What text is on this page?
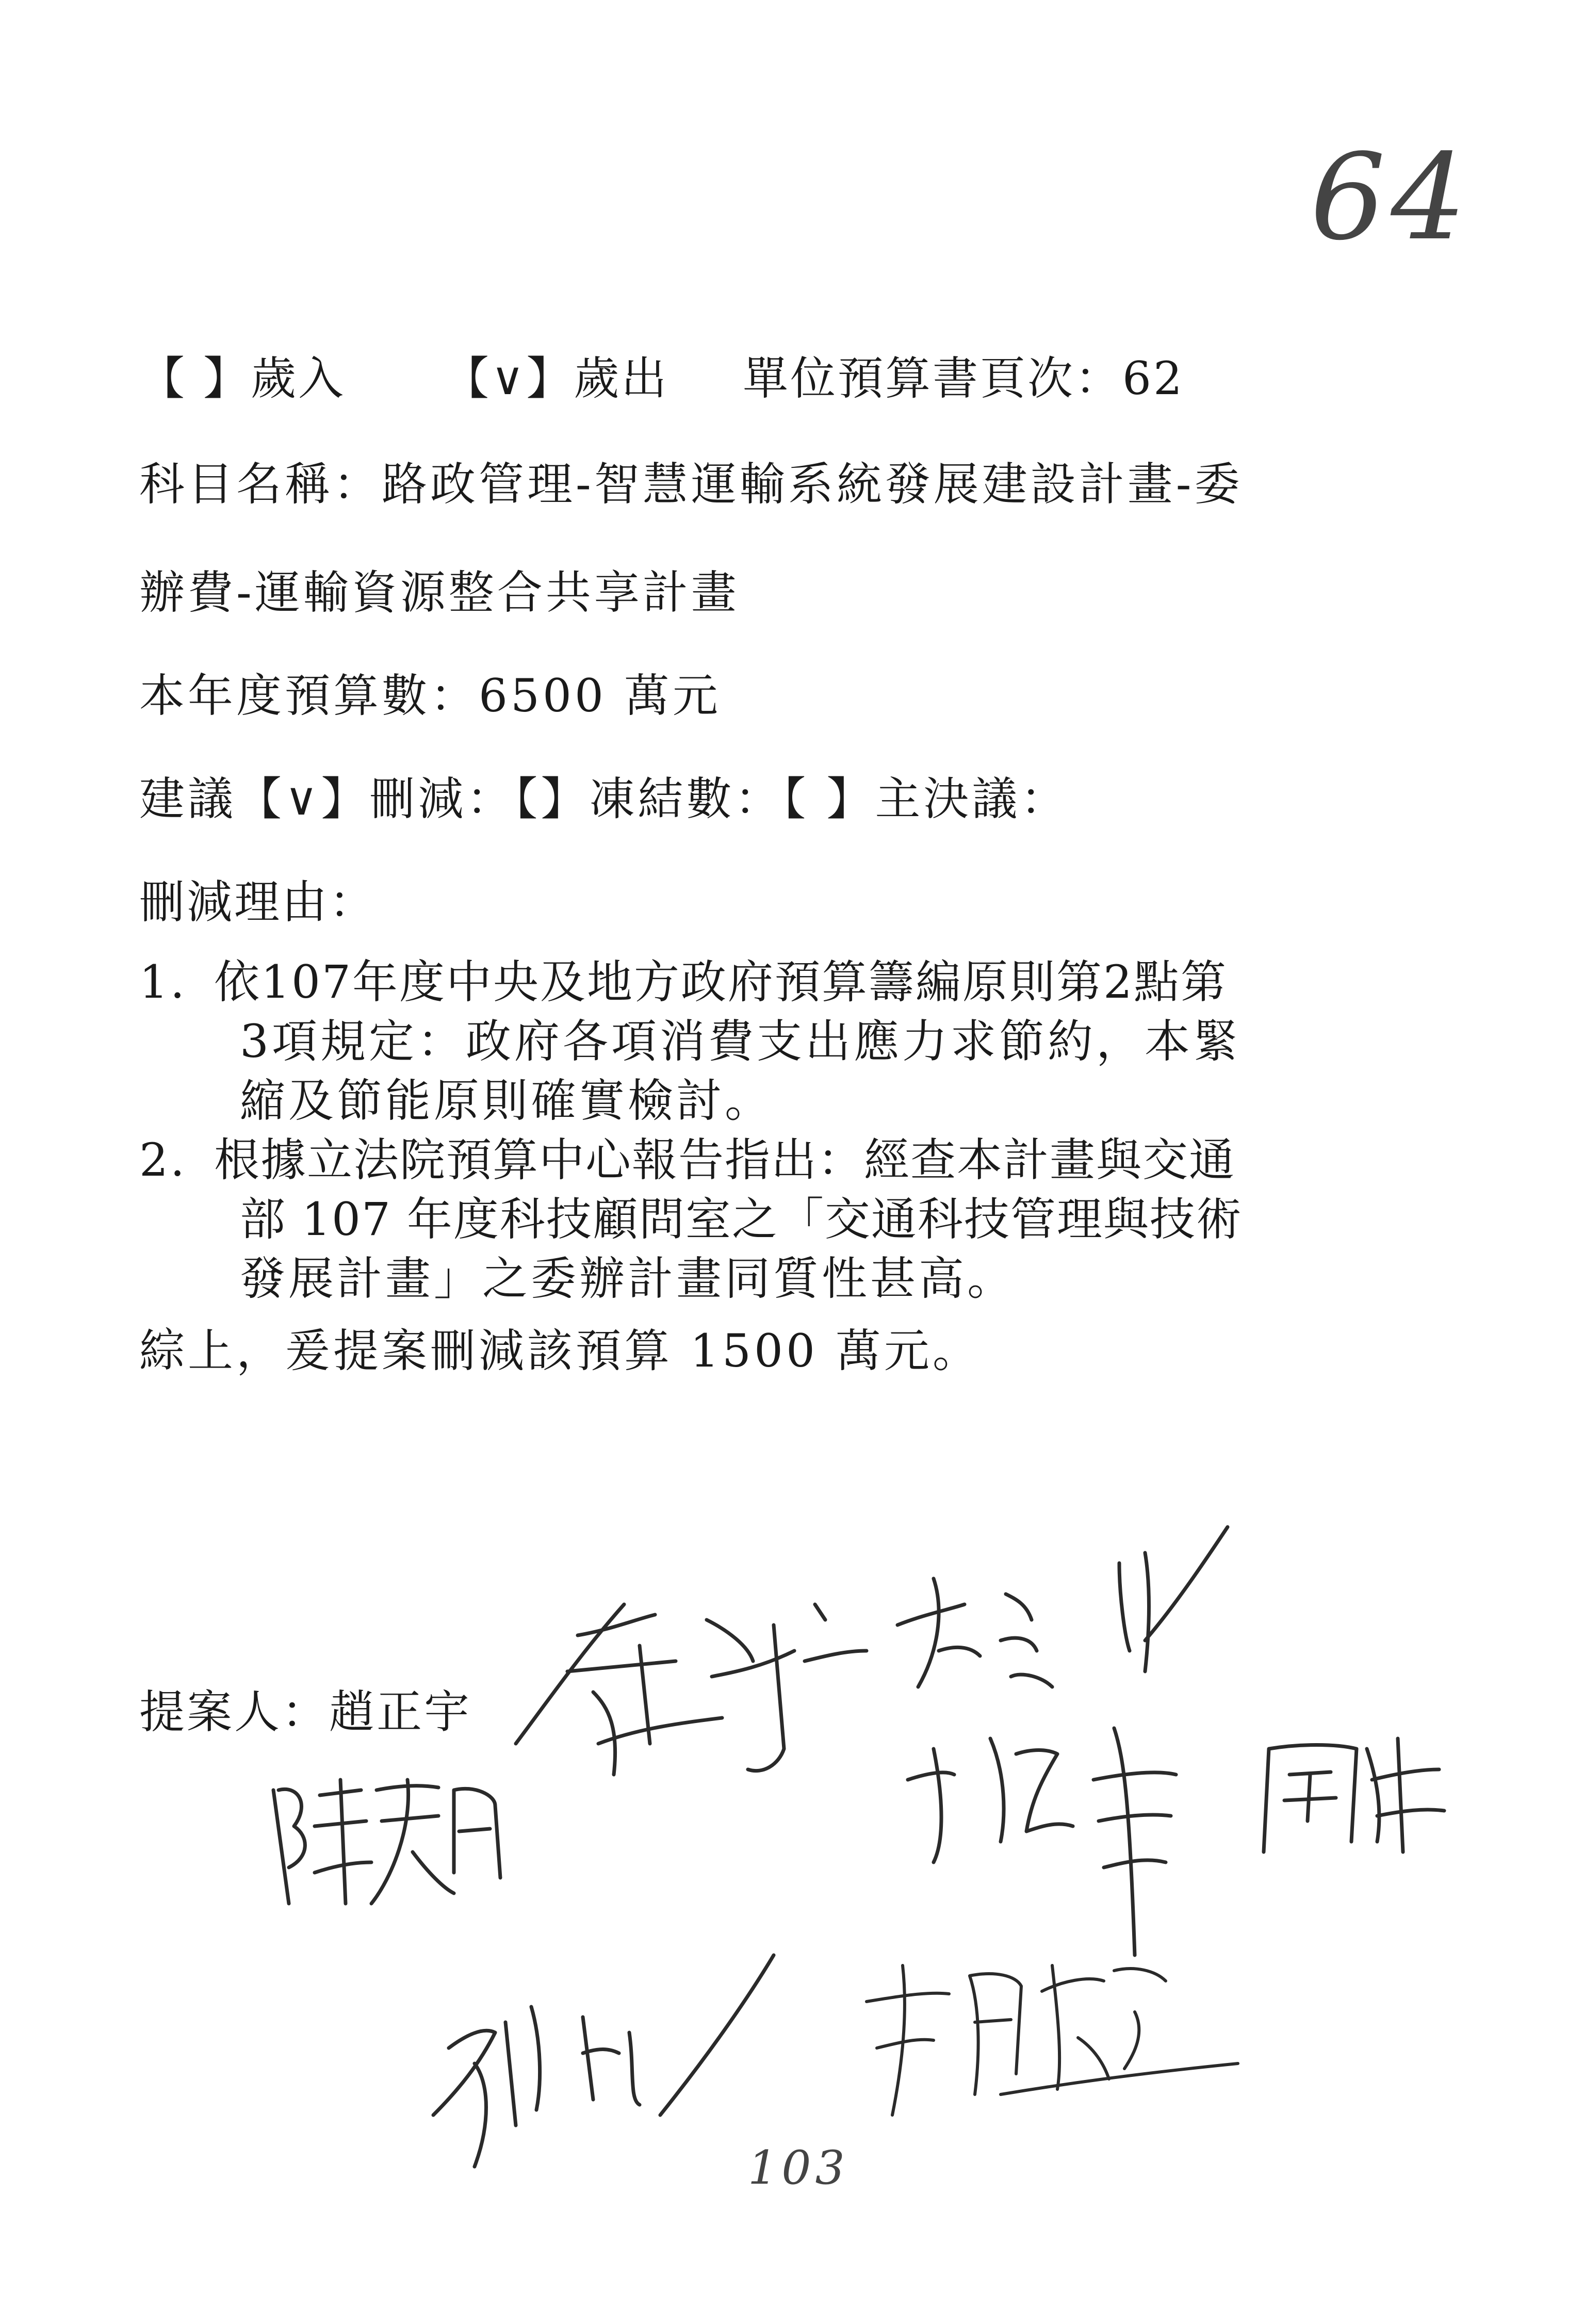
64
【 】歲入 【∨】歲出 單位預算書頁次：62
科目名稱：路政管理-智慧運輸系統發展建設計畫-委
辦費-運輸資源整合共享計畫
本年度預算數：6500 萬元
建議【∨】刪減：【】凍結數：【 】主決議：
刪減理由：
1. 依107年度中央及地方政府預算籌編原則第2點第
3項規定：政府各項消費支出應力求節約，本緊
縮及節能原則確實檢討。
2. 根據立法院預算中心報告指出：經查本計畫與交通
部 107 年度科技顧問室之「交通科技管理與技術
發展計畫」之委辦計畫同質性甚高。
綜上，爰提案刪減該預算 1500 萬元。
提案人：趙正宇
103
